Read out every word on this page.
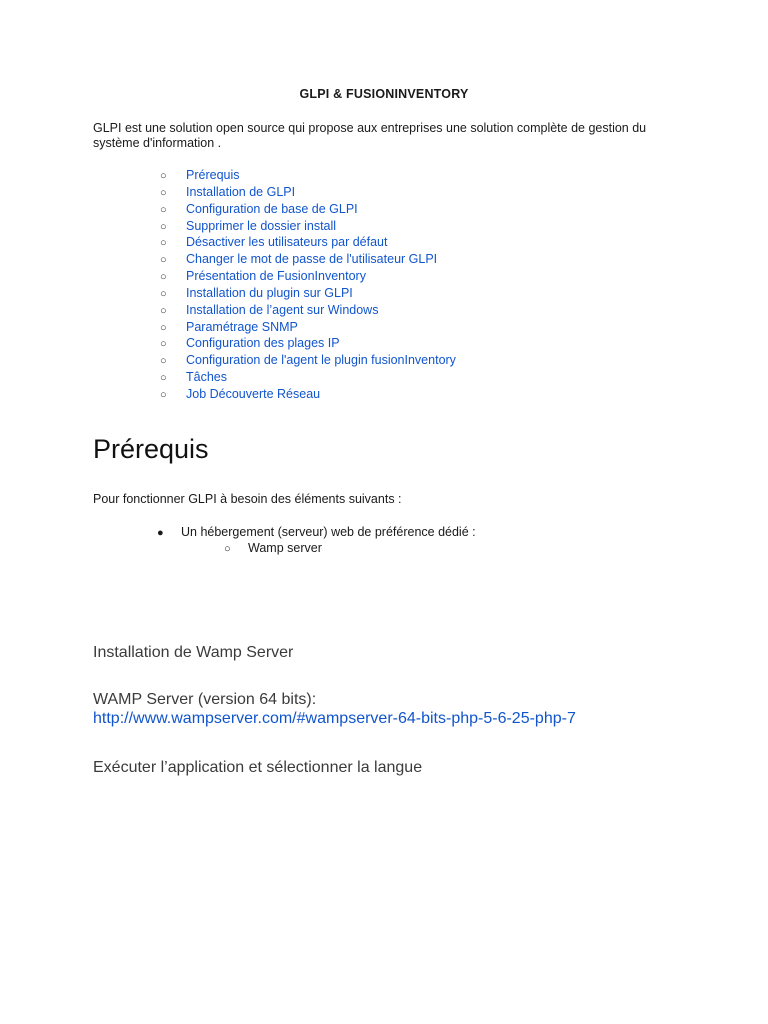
GLPI & FUSIONINVENTORY

GLPI est une solution open source qui propose aux entreprises une solution complète de gestion du système d'information .

○ Prérequis
○ Installation de GLPI
○ Configuration de base de GLPI
○ Supprimer le dossier install
○ Désactiver les utilisateurs par défaut
○ Changer le mot de passe de l'utilisateur GLPI
○ Présentation de FusionInventory
○ Installation du plugin sur GLPI
○ Installation de l’agent sur Windows
○ Paramétrage SNMP
○ Configuration des plages IP
○ Configuration de l'agent le plugin fusionInventory
○ Tâches
○ Job Découverte Réseau
Prérequis

Pour fonctionner GLPI à besoin des éléments suivants :

● Un hébergement (serveur) web de préférence dédié :
○ Wamp server
Installation de Wamp Server
WAMP Server (version 64 bits):
http://www.wampserver.com/#wampserver-64-bits-php-5-6-25-php-7
Exécuter l’application et sélectionner la langue
